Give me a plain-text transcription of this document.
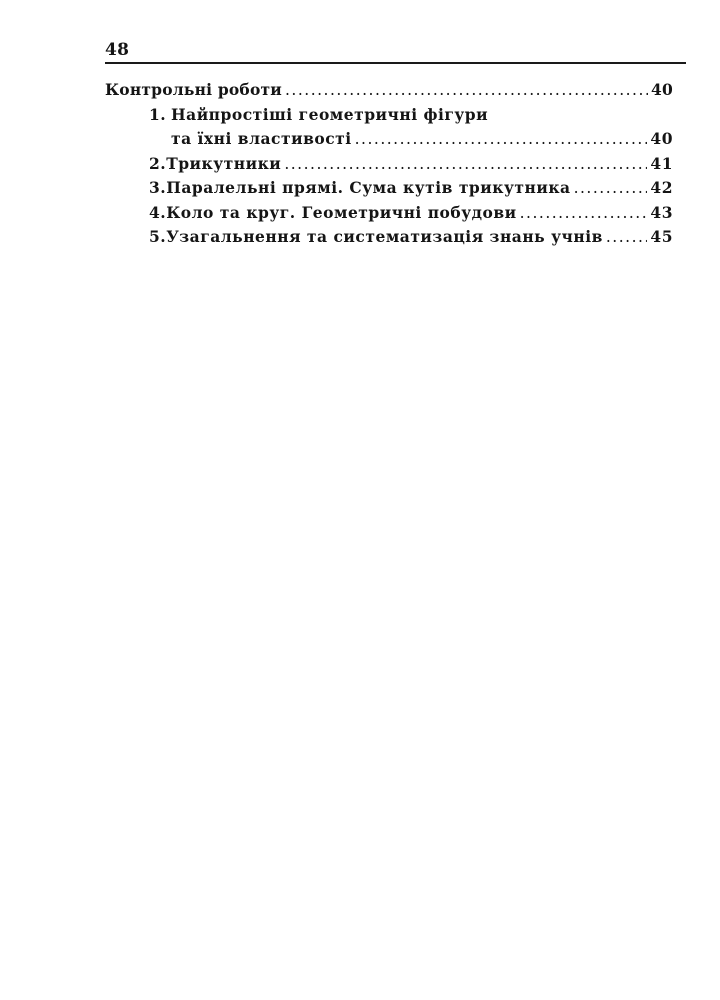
48
Контрольні роботи .....	40
1. Найпростіші геометричні фігури
та їхні властивості .....	40
2. Трикутники .....	41
3. Паралельні прямі. Сума кутів трикутника .....	42
4. Коло та круг. Геометричні побудови .....	43
5. Узагальнення та систематизація знань учнів .....	45
